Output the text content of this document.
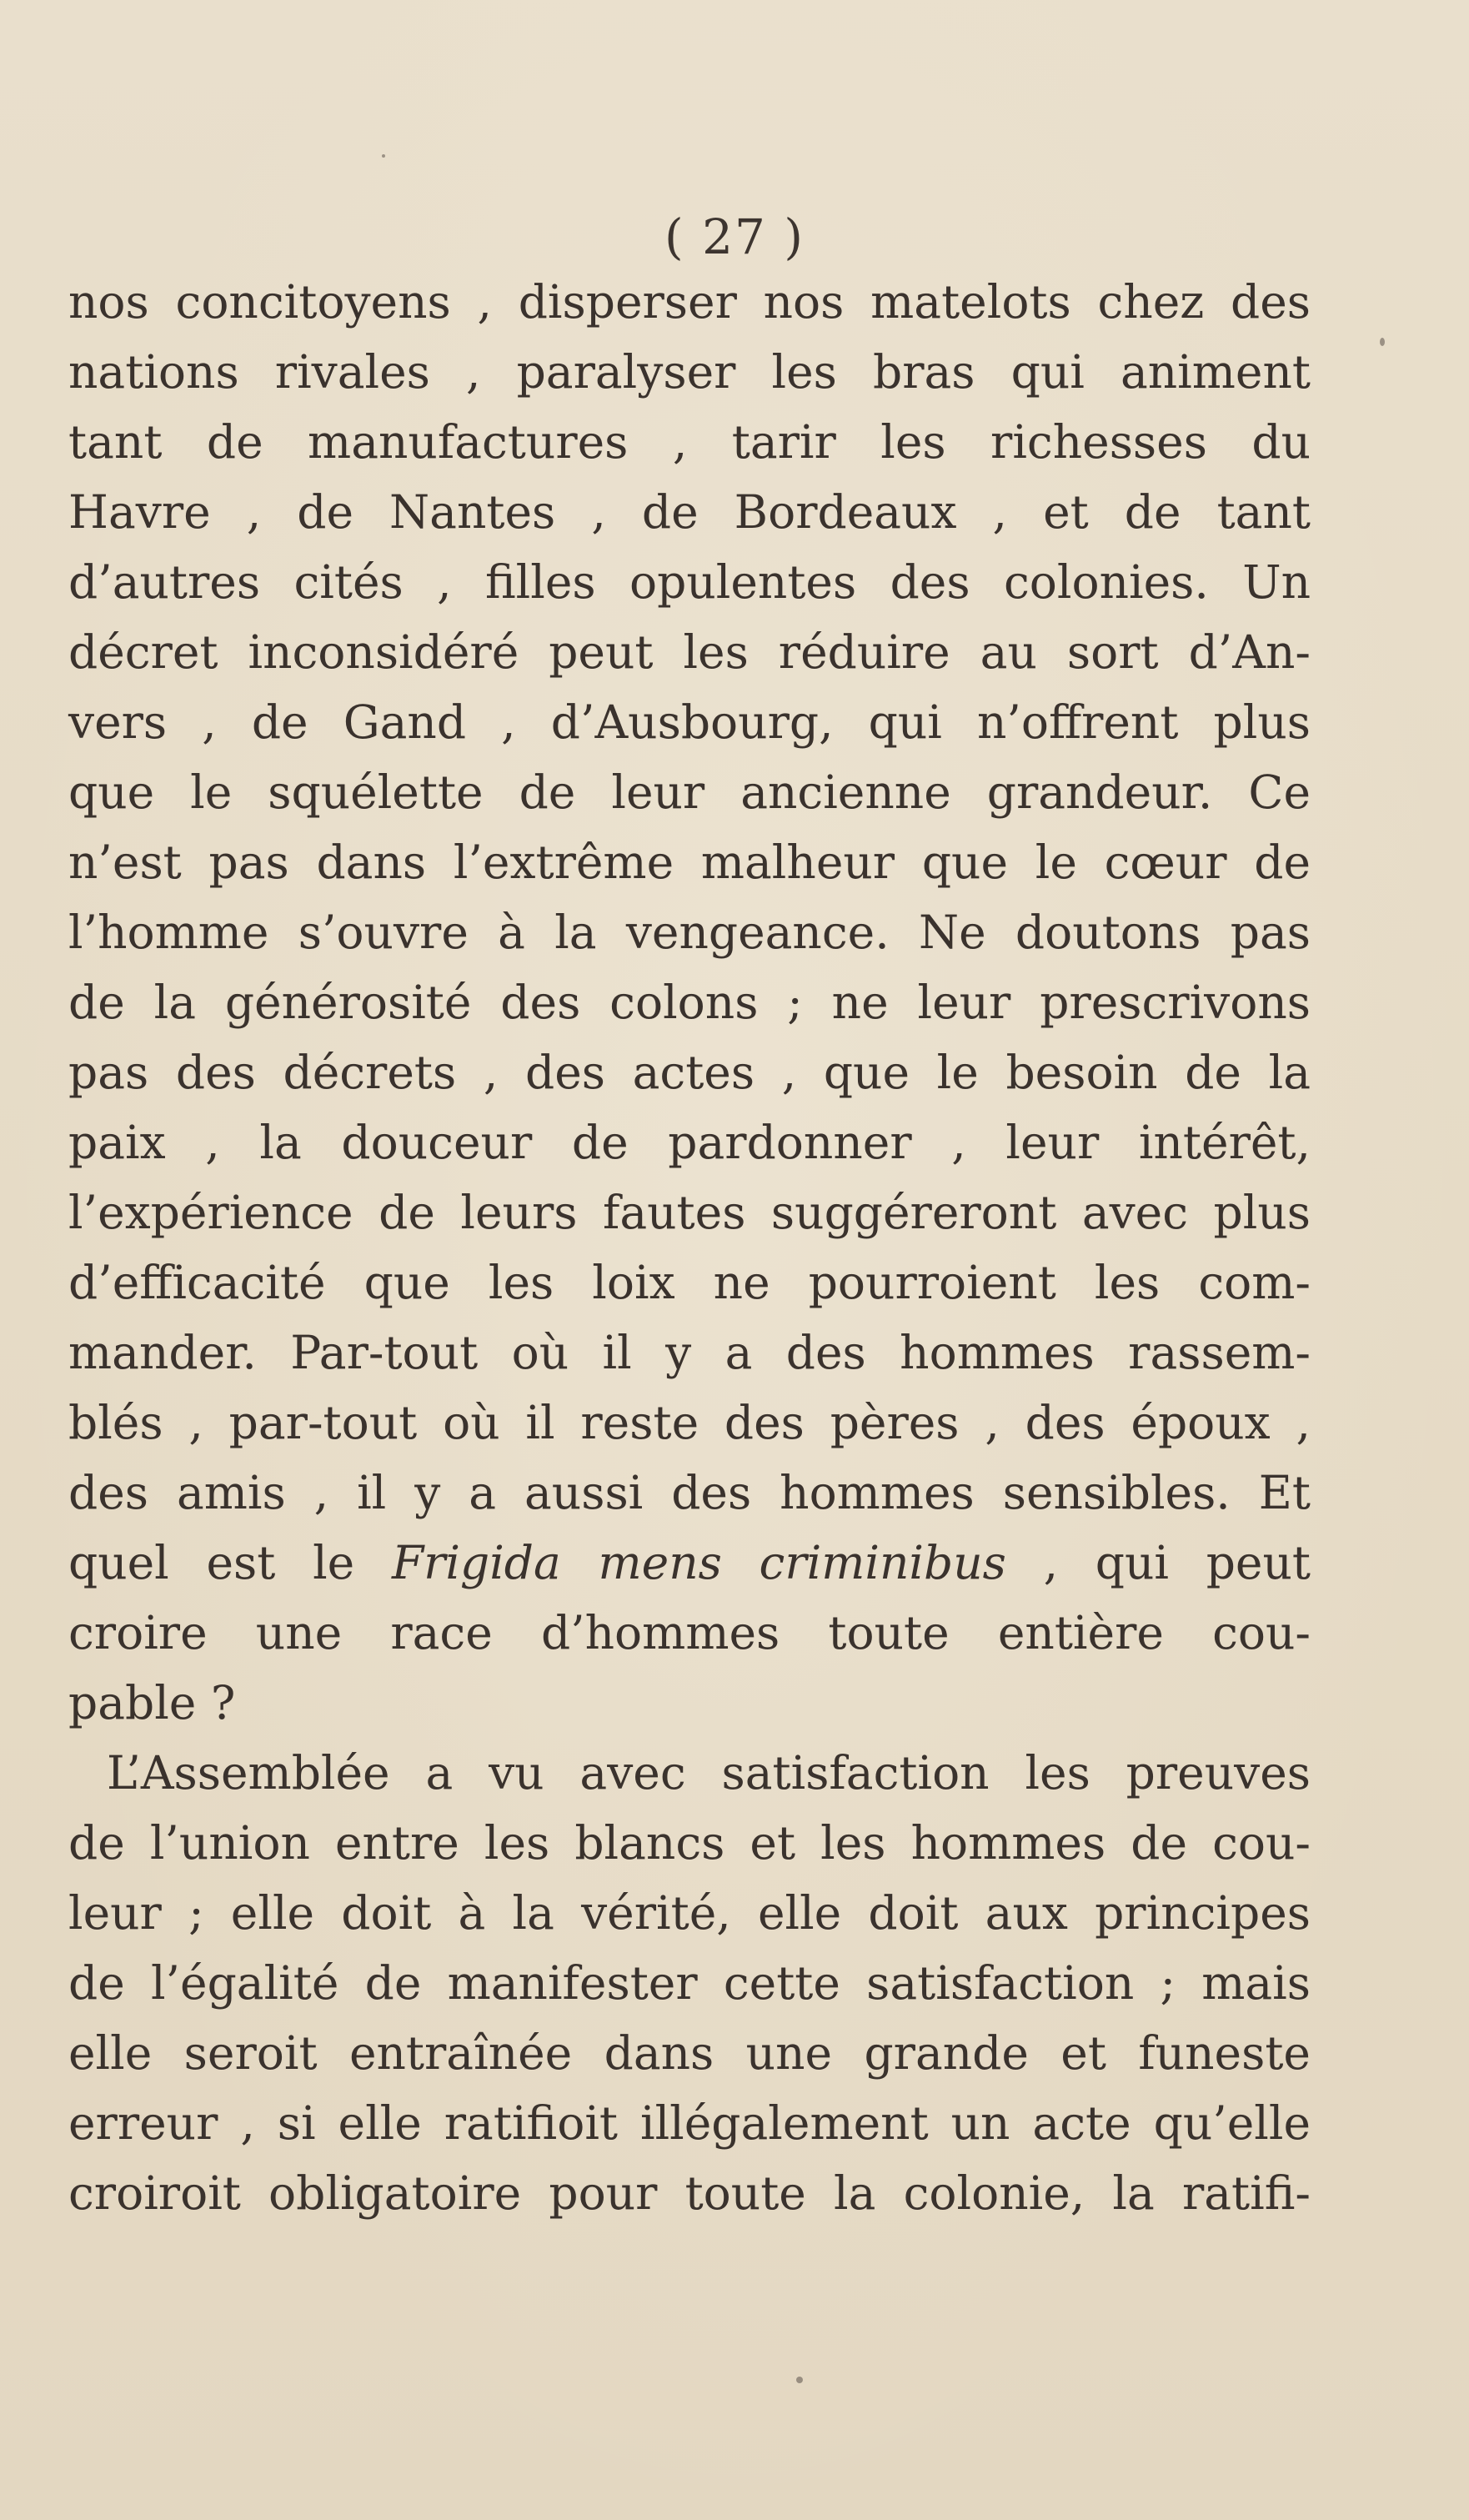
( 27 )
nos concitoyens , disperser nos matelots chez des
nations rivales , paralyser les bras qui animent
tant de manufactures , tarir les richesses du
Havre , de Nantes , de Bordeaux , et de tant
d’autres cités , filles opulentes des colonies. Un
décret inconsidéré peut les réduire au sort d’An-
vers , de Gand , d’Ausbourg, qui n’offrent plus
que le squélette de leur ancienne grandeur. Ce
n’est pas dans l’extrême malheur que le cœur de
l’homme s’ouvre à la vengeance. Ne doutons pas
de la générosité des colons ; ne leur prescrivons
pas des décrets , des actes , que le besoin de la
paix , la douceur de pardonner , leur intérêt,
l’expérience de leurs fautes suggéreront avec plus
d’efficacité que les loix ne pourroient les com-
mander. Par-tout où il y a des hommes rassem-
blés , par-tout où il reste des pères , des époux ,
des amis , il y a aussi des hommes sensibles. Et
quel est le Frigida mens criminibus , qui peut
croire une race d’hommes toute entière cou-
pable ?
L’Assemblée a vu avec satisfaction les preuves
de l’union entre les blancs et les hommes de cou-
leur ; elle doit à la vérité, elle doit aux principes
de l’égalité de manifester cette satisfaction ; mais
elle seroit entraînée dans une grande et funeste
erreur , si elle ratifioit illégalement un acte qu’elle
croiroit obligatoire pour toute la colonie, la ratifi-
